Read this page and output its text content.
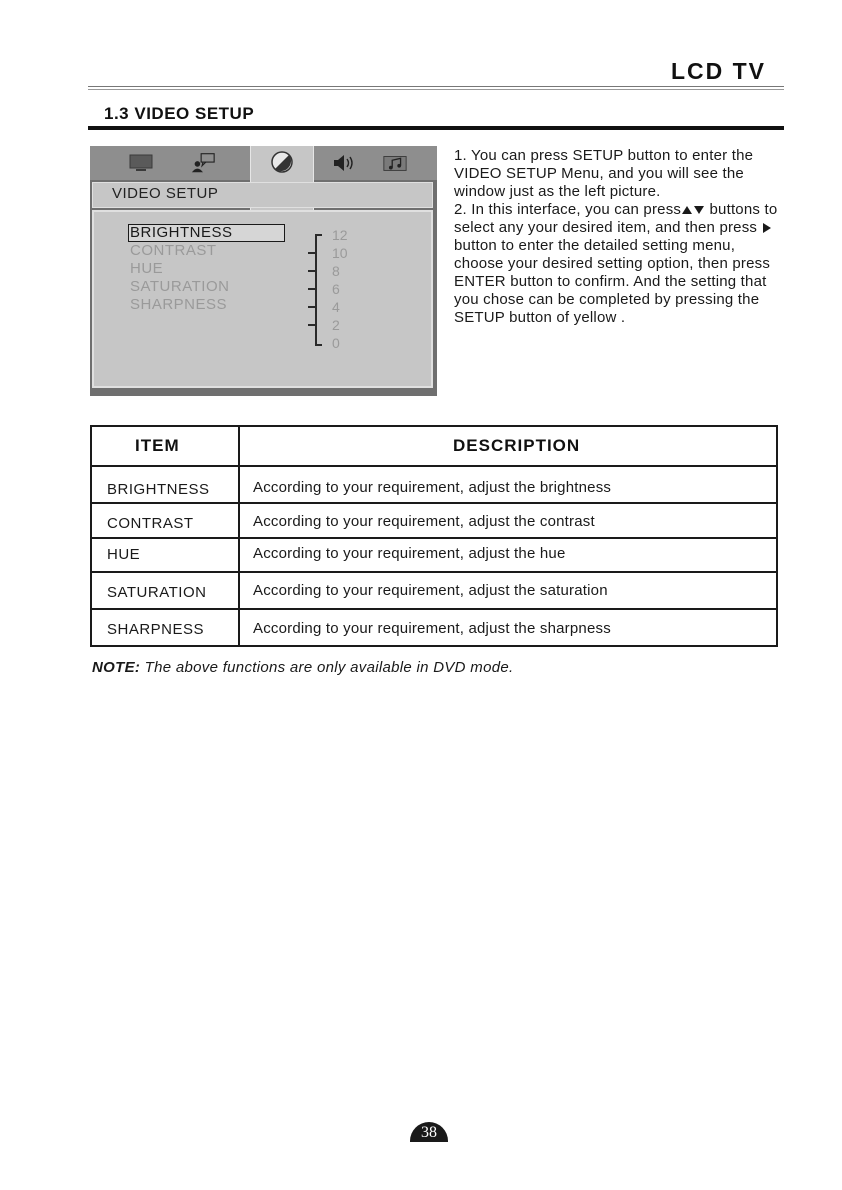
LCD TV
1.3 VIDEO SETUP
VIDEO SETUP
BRIGHTNESS
CONTRAST
HUE
SATURATION
SHARPNESS
12
10
8
6
4
2
0

1. You can press SETUP button to enter the VIDEO SETUP Menu, and you will see the window just as the left picture.

2. In this interface, you can press buttons to select any your desired item, and then pressbutton to enter the detailed setting menu, choose your desired setting option, then press ENTER button to confirm. And the setting that you chose can be completed by pressing the SETUP button of yellow .

ITEM	DESCRIPTION
BRIGHTNESS	According to your requirement, adjust the brightness
CONTRAST	According to your requirement, adjust the contrast
HUE	According to your requirement, adjust the hue
SATURATION	According to your requirement, adjust the saturation
SHARPNESS	According to your requirement, adjust the sharpness
NOTE: The above functions are only available in DVD mode.
38
